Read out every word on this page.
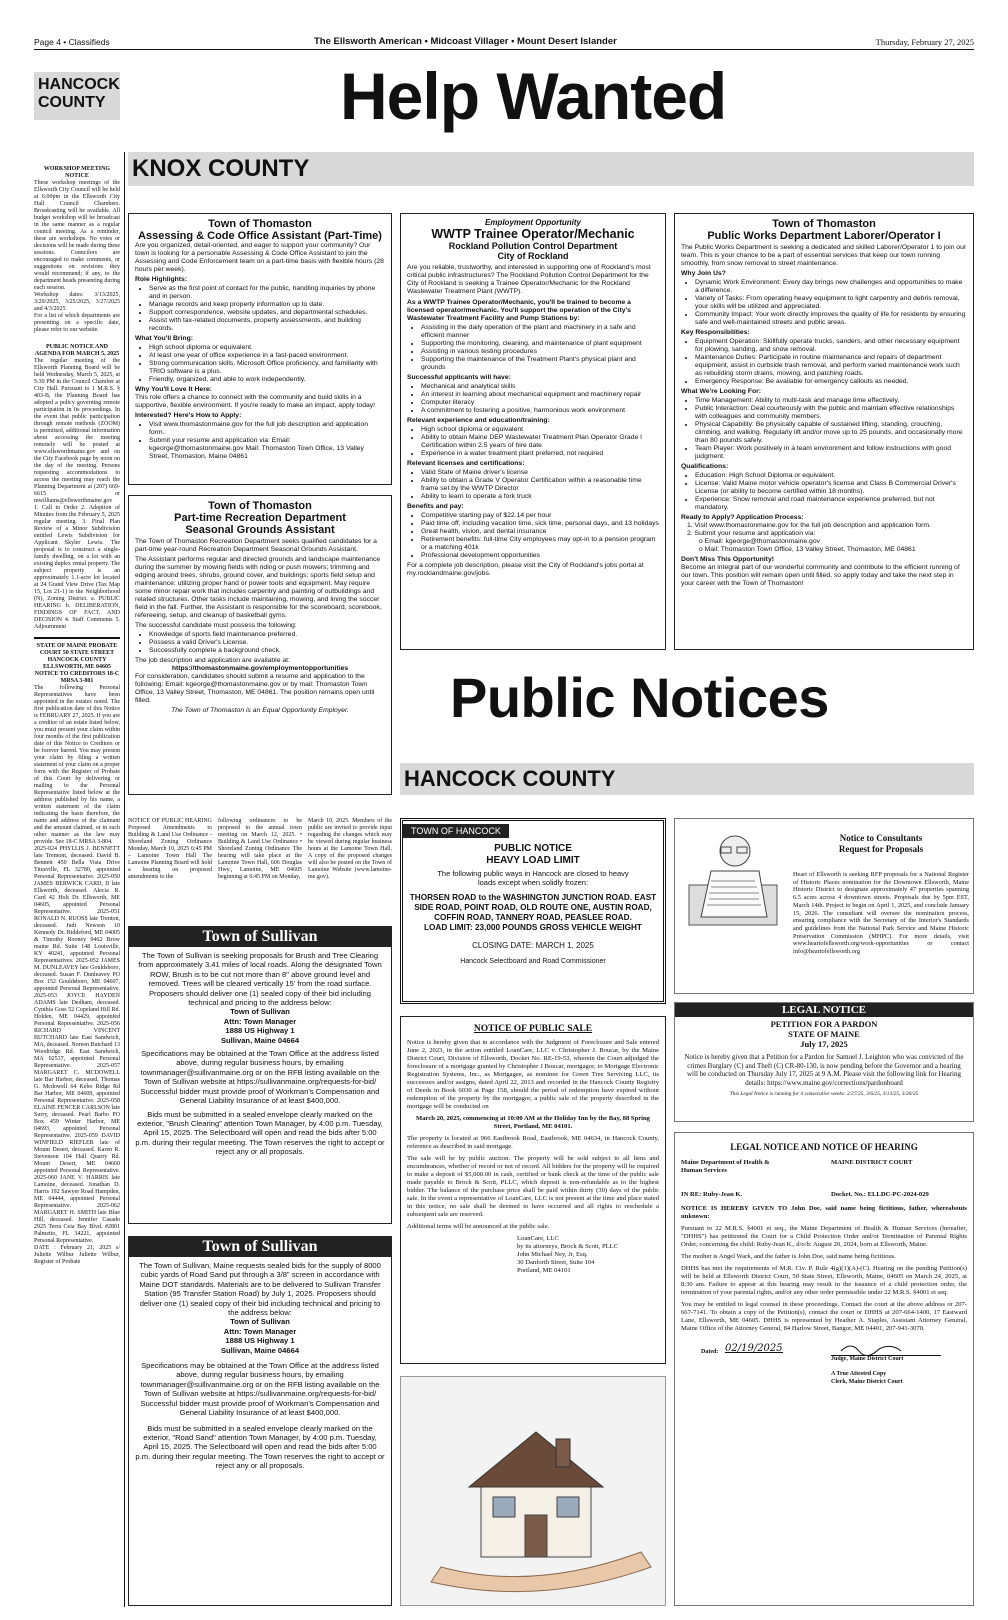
Page 4 • Classifieds	The Ellsworth American • Midcoast Villager • Mount Desert Islander	Thursday, February 27, 2025
HANCOCK COUNTY	Help Wanted
KNOX COUNTY

WORKSHOP MEETING NOTICE

These workshop meetings of the Ellsworth City Council will be held at 6:00pm in the Ellsworth City Hall Council Chambers. Broadcasting will be available. All budget workshop will be broadcast in the same manner as a regular council meeting. As a reminder, these are workshops. No votes or decisions will be made during these sessions. Councilors are encouraged to make comments, or suggestions on revisions they would recommend; if any, to the department heads presenting during each session.

Workshop dates: 3/13/2025, 3/20/2025, 3/25/2025, 3/27/2025 and 4/3/2025

For a list of which departments are presenting on a specific date, please refer to our website.

PUBLIC NOTICE AND AGENDA FOR MARCH 5, 2025

The regular meeting of the Ellsworth Planning Board will be held Wednesday, March 5, 2025, at 5:30 PM in the Council Chamber at City Hall. Pursuant to 1 M.R.S. § 403-B, the Planning Board has adopted a policy governing remote participation in its proceedings. In the event that public participation through remote methods (ZOOM) is permitted, additional information about accessing the meeting remotely will be posted at www.ellsworthmaine.gov and on the City Facebook page by noon on the day of the meeting. Persons requesting accommodations to access the meeting may reach the Planning Department at (207) 669-6615 or mwilliams@ellsworthmaine.gov

1. Call to Order 2. Adoption of Minutes from the February 5, 2025 regular meeting. 3. Final Plan Review of a Minor Subdivision entitled Lewis Subdivision for Applicant Skyler Lewis. The proposal is to construct a single-family dwelling, on a lot with an existing duplex rental property. The subject property is an approximately 1.1-acre lot located at 24 Grand View Drive (Tax Map 15, Lot 21-1) in the Neighborhood (N), Zoning District. a. PUBLIC HEARING b. DELIBERATION, FINDINGS OF FACT, AND DECISION 4. Staff Comments 5. Adjournment

STATE OF MAINE PROBATE COURT 50 STATE STREET HANCOCK COUNTY ELLSWORTH, ME 04605

NOTICE TO CREDITORS 18-C MRSA 3-801

The following Personal Representatives have been appointed in the estates noted. The first publication date of this Notice is FEBRUARY 27, 2025. If you are a creditor of an estate listed below, you must present your claim within four months of the first publication date of this Notice to Creditors or be forever barred. You may present your claim by filing a written statement of your claim on a proper form with the Register of Probate of this Court by delivering or mailing to the Personal Representative listed below at the address published by his name, a written statement of the claim indicating the basis therefore, the name and address of the claimant and the amount claimed, or in such other manner as the law may provide. See 18-C MRSA 3-804.

2025-024 PHYLLIS J. BENNETT late Tremont, deceased. David B. Bennett 450 Bella Vista Drive Titusville, FL 32780, appointed Personal Representative. 2025-050 JAMES BERWICK CARD, II late Ellsworth, deceased. Alecia R. Card 42 Holt Dr. Ellsworth, ME 04605, appointed Personal Representative. 2025-051 RONALD N. RUOSS late Trenton, deceased. Judi Newson 10 Kennedy Dr. Biddeford, ME 04005 & Timothy Rooney 9462 Brow maine Rd. Suite 148 Louisville, KY 40241, appointed Personal Representatives. 2025-052 JAMES M. DUNLEAVEY late Gouldsboro, deceased. Susan F. Dunleavey PO Box 152 Gouldsboro, ME 04607, appointed Personal Representative. 2025-053 JOYCE HAYDEN ADAMS late Dedham, deceased. Cynthia Goss 52 Copeland Hill Rd. Holden, ME 04429, appointed Personal Representative. 2025-056 RICHARD VINCENT BUTCHARD late East Sandwich, MA, deceased. Noreen Butchard 13 Woodridge Rd. East Sandwich, MA 02537, appointed Personal Representative. 2025-057 MARGARET C. MCDOWELL late Bar Harbor, deceased. Thomas G. Mcdowell 64 Kebo Ridge Rd Bar Harbor, ME 04609, appointed Personal Representative. 2025-058 ELAINE FENCER CARLSON late Surry, deceased. Pearl Barbo PO Box 459 Winter Harbor, ME 04693, appointed Personal Representative. 2025-059 DAVID WINFIELD RIEFLER late of Mount Desert, deceased. Karen R. Stevenson 104 Hall Quarry Rd. Mount Desert, ME 04660 appointed Personal Representative. 2025-060 JANE V. HARRIS late Lamoine, deceased. Jonathan D. Harris 192 Sawyer Road Hampden, ME 04444, appointed Personal Representative. 2025-062 MARGARET H. SMITH late Blue Hill, deceased. Jennifer Casado 2925 Terra Ceia Bay Blvd. #2801 Palmetto, FL 34221, appointed Personal Representative.

DATE : February 21, 2025 s/ Juliette Wilbur Juliette Wilbur, Register of Probate

Town of Thomaston
Assessing & Code Office Assistant (Part-Time)

Are you organized, detail-oriented, and eager to support your community? Our town is looking for a personable Assessing & Code Office Assistant to join the Assessing and Code Enforcement team on a part-time basis with flexible hours (28 hours per week).

Role Highlights:
• Serve as the first point of contact for the public, handling inquiries by phone and in person.
• Manage records and keep property information up to date.
• Support correspondence, website updates, and departmental schedules.
• Assist with tax-related documents, property assessments, and building records.
What You'll Bring:
• High school diploma or equivalent.
• At least one year of office experience in a fast-paced environment.
• Strong communication skills, Microsoft Office proficiency, and familiarity with TRIO software is a plus.
• Friendly, organized, and able to work independently.
Why You'll Love It Here:

This role offers a chance to connect with the community and build skills in a supportive, flexible environment. If you're ready to make an impact, apply today!

Interested? Here's How to Apply:
• Visit www.thomastonmaine.gov for the full job description and application form.
• Submit your resume and application via: Email: kgeorge@thomastonmaine.gov Mail: Thomaston Town Office, 13 Valley Street, Thomaston, Maine 04861
Town of Thomaston
Part-time Recreation Department
Seasonal Grounds Assistant

The Town of Thomaston Recreation Department seeks qualified candidates for a part-time year-round Recreation Department Seasonal Grounds Assistant.

The Assistant performs regular and directed grounds and landscape maintenance during the summer by mowing fields with riding or push mowers; trimming and edging around trees, shrubs, ground cover, and buildings; sports field setup and maintenance; utilizing proper hand or power tools and equipment. May require some minor repair work that includes carpentry and painting of outbuildings and related structures. Other tasks include maintaining, mowing, and lining the soccer field in the fall. Further, the Assistant is responsible for the scoreboard, scorebook, refereeing, setup, and cleanup of basketball gyms.

The successful candidate must possess the following:

• Knowledge of sports field maintenance preferred.
• Possess a valid Driver's License.
• Successfully complete a background check.

The job description and application are available at:

https://thomastonmaine.gov/employmentopportunities

For consideration, candidates should submit a resume and application to the following: Email: kgeorge@thomastonmaine.gov or by mail: Thomaston Town Office, 13 Valley Street, Thomaston, ME 04861. The position remains open until filled.

The Town of Thomaston is an Equal Opportunity Employer.

Employment Opportunity

WWTP Trainee Operator/Mechanic
Rockland Pollution Control Department
City of Rockland

Are you reliable, trustworthy, and interested in supporting one of Rockland's most critical public infrastructures? The Rockland Pollution Control Department for the City of Rockland is seeking a Trainee Operator/Mechanic for the Rockland Wastewater Treatment Plant (WWTP).

As a WWTP Trainee Operator/Mechanic, you'll be trained to become a licensed operator/mechanic. You'll support the operation of the City's Wastewater Treatment Facility and Pump Stations by:

• Assisting in the daily operation of the plant and machinery in a safe and efficient manner
• Supporting the monitoring, cleaning, and maintenance of plant equipment
• Assisting in various testing procedures
• Supporting the maintenance of the Treatment Plant's physical plant and grounds
Successful applicants will have:
• Mechanical and analytical skills
• An interest in learning about mechanical equipment and machinery repair
• Computer literacy
• A commitment to fostering a positive, harmonious work environment
Relevant experience and education/training:
• High school diploma or equivalent
• Ability to obtain Maine DEP Wastewater Treatment Plan Operator Grade I Certification within 2.5 years of hire date
• Experience in a water treatment plant preferred, not required
Relevant licenses and certifications:
• Valid State of Maine driver's license
• Ability to obtain a Grade V Operator Certification within a reasonable time frame set by the WWTP Director
• Ability to learn to operate a fork truck
Benefits and pay:
• Competitive starting pay of $22.14 per hour
• Paid time off, including vacation time, sick time, personal days, and 13 holidays
• Great health, vision, and dental insurance
• Retirement benefits: full-time City employees may opt-in to a pension program or a matching 401k
• Professional development opportunities

For a complete job description, please visit the City of Rockland's jobs portal at my.rocklandmaine.gov/jobs.

Town of Thomaston
Public Works Department Laborer/Operator I

The Public Works Department is seeking a dedicated and skilled Laborer/Operator 1 to join our team. This is your chance to be a part of essential services that keep our town running smoothly, from snow removal to street maintenance.

Why Join Us?
• Dynamic Work Environment: Every day brings new challenges and opportunities to make a difference.
• Variety of Tasks: From operating heavy equipment to light carpentry and debris removal, your skills will be utilized and appreciated.
• Community Impact: Your work directly improves the quality of life for residents by ensuring safe and well-maintained streets and public areas.
Key Responsibilities:
• Equipment Operation: Skillfully operate trucks, sanders, and other necessary equipment for plowing, sanding, and snow removal.
• Maintenance Duties: Participate in routine maintenance and repairs of department equipment, assist in curbside trash removal, and perform varied maintenance work such as rebuilding storm drains, mowing, and patching roads.
• Emergency Response: Be available for emergency callouts as needed.
What We're Looking For:
• Time Management: Ability to multi-task and manage time effectively.
• Public Interaction: Deal courteously with the public and maintain effective relationships with colleagues and community members.
• Physical Capability: Be physically capable of sustained lifting, standing, crouching, climbing, and walking. Regularly lift and/or move up to 25 pounds, and occasionally more than 80 pounds safely.
• Team Player: Work positively in a team environment and follow instructions with good judgment.
Qualifications:
• Education: High School Diploma or equivalent.
• License: Valid Maine motor vehicle operator's license and Class B Commercial Driver's License (or ability to become certified within 18 months).
• Experience: Snow removal and road maintenance experience preferred, but not mandatory.
Ready to Apply? Application Process:

1. Visit www.thomastonmaine.gov for the full job description and application form.

2. Submit your resume and application via:

o Email: kgeorge@thomastonmaine.gov

o Mail: Thomaston Town Office, 13 Valley Street, Thomaston, ME 04861

Don't Miss This Opportunity!

Become an integral part of our wonderful community and contribute to the efficient running of our town. This position will remain open until filled, so apply today and take the next step in your career with the Town of Thomaston!

Public Notices
HANCOCK COUNTY

NOTICE OF PUBLIC HEARING Proposed Amendments to Building & Land Use Ordinance -Shoreland Zoning Ordinance Monday, March 10, 2025 6:45 PM – Lamoine Town Hall The Lamoine Planning Board will hold a hearing on proposed amendments to the

following ordinances to be proposed to the annual town meeting on March 12, 2025. • Building & Land Use Ordinance • Shoreland Zoning Ordinance The hearing will take place at the Lamoine Town Hall, 606 Douglas Hwy., Lamoine, ME 04605 beginning at 6:45 PM on Monday,

March 10, 2025. Members of the public are invited to provide input regarding the changes which may be viewed during regular business hours at the Lamoine Town Hall. A copy of the proposed changes will also be posted on the Town of Lamoine Website (www.lamoine-me.gov).

Town of Sullivan

The Town of Sullivan is seeking proposals for Brush and Tree Clearing from approximately 3.41 miles of local roads. Along the designated Town ROW, Brush is to be cut not more than 8" above ground level and removed. Trees will be cleared vertically 15' from the road surface.

Proposers should deliver one (1) sealed copy of their bid including technical and pricing to the address below:

Town of Sullivan

Attn: Town Manager

1888 US Highway 1

Sullivan, Maine 04664

Specifications may be obtained at the Town Office at the address listed above, during regular business hours, by emailing townmanager@sullivanmaine.org or on the RFB listing available on the Town of Sullivan website at https://sullivanmaine.org/requests-for-bid/

Successful bidder must provide proof of Workman's Compensation and General Liability Insurance of at least $400,000.

Bids must be submitted in a sealed envelope clearly marked on the exterior, "Brush Clearing" attention Town Manager, by 4:00 p.m. Tuesday, April 15, 2025. The Selectboard will open and read the bids after 5:00 p.m. during their regular meeting. The Town reserves the right to accept or reject any or all proposals.

Town of Sullivan

The Town of Sullivan, Maine requests sealed bids for the supply of 8000 cubic yards of Road Sand put through a 3/8" screen in accordance with Maine DOT standards. Materials are to be delivered to Sullivan Transfer Station (95 Transfer Station Road) by July 1, 2025. Proposers should deliver one (1) sealed copy of their bid including technical and pricing to the address below:

Town of Sullivan

Attn: Town Manager

1888 US Highway 1

Sullivan, Maine 04664

Specifications may be obtained at the Town Office at the address listed above, during regular business hours, by emailing townmanager@sullivanmaine.org or on the RFB listing available on the Town of Sullivan website at https://sullivanmaine.org/requests-for-bid/

Successful bidder must provide proof of Workman's Compensation and General Liability Insurance of at least $400,000.

Bids must be submitted in a sealed envelope clearly marked on the exterior, "Road Sand" attention Town Manager, by 4:00 p.m. Tuesday, April 15, 2025. The Selectboard will open and read the bids after 5:00 p.m. during their regular meeting. The Town reserves the right to accept or reject any or all proposals.

TOWN OF HANCOCK
PUBLIC NOTICE
HEAVY LOAD LIMIT
The following public ways in Hancock are closed to heavy loads except when solidly frozen:
THORSEN ROAD to the WASHINGTON JUNCTION ROAD. EAST SIDE ROAD, POINT ROAD, OLD ROUTE ONE, AUSTIN ROAD, COFFIN ROAD, TANNERY ROAD, PEASLEE ROAD.
LOAD LIMIT: 23,000 POUNDS GROSS VEHICLE WEIGHT
CLOSING DATE: MARCH 1, 2025
Hancock Selectboard and Road Commissioner
Notice to Consultants
Request for Proposals

Heart of Ellsworth is seeking RFP proposals for a National Register of Historic Places nomination for the Downtown Ellsworth, Maine Historic District to designate approximately 47 properties spanning 6.5 acres across 4 downtown streets. Proposals due by 5pm EST, March 14th. Project to begin on April 1, 2025, and conclude January 15, 2026. The consultant will oversee the nomination process, ensuring compliance with the Secretary of the Interior's Standards and guidelines from the National Park Service and Maine Historic Preservation Commission (MHPC). For more details, visit www.heartofellsworth.org/work-opportunities or contact info@heartofellsworth.org

NOTICE OF PUBLIC SALE

Notice is hereby given that in accordance with the Judgment of Foreclosure and Sale entered June 2, 2023, in the action entitled LoanCare, LLC v. Christopher J. Boucar, by the Maine District Court, Division of Ellsworth, Docket No. RE-19-53, wherein the Court adjudged the foreclosure of a mortgage granted by Christopher J Boucar, mortgagor, to Mortgage Electronic Registration Systems, Inc., as Mortgagee, as nominee for Green Tree Servicing LLC, its successors and/or assigns, dated April 22, 2013 and recorded in the Hancock County Registry of Deeds in Book 6030 at Page 158, should the period of redemption have expired without redemption of the property by the mortgagor, a public sale of the property described in the mortgage will be conducted on

March 20, 2025, commencing at 10:00 AM at the Holiday Inn by the Bay, 88 Spring Street, Portland, ME 04101.

The property is located at 966 Eastbrook Road, Eastbrook, ME 04634, in Hancock County, reference as described in said mortgage.

The sale will be by public auction. The property will be sold subject to all liens and encumbrances, whether of record or not of record. All bidders for the property will be required to make a deposit of $5,000.00 in cash, certified or bank check at the time of the public sale made payable to Brock & Scott, PLLC, which deposit is non-refundable as to the highest bidder. The balance of the purchase price shall be paid within thirty (30) days of the public sale. In the event a representative of LoanCare, LLC is not present at the time and place stated in this notice, no sale shall be deemed to have occurred and all rights to reschedule a subsequent sale are reserved.

Additional terms will be announced at the public sale.

LoanCare, LLC
by its attorneys, Brock & Scott, PLLC
John Michael Ney, Jr, Esq.
30 Danforth Street, Suite 104
Portland, ME 04101
LEGAL NOTICE
PETITION FOR A PARDON
STATE OF MAINE
July 17, 2025
Notice is hereby given that a Petition for a Pardon for Samuel J. Leighton who was convicted of the crimes Burglary (C) and Theft (C) CR-80-130, is now pending before the Governor and a hearing will be conducted on Thursday July 17, 2025 at 9 A.M. Please visit the following link for Hearing details: https://www.maine.gov/corrections/pardonboard
This Legal Notice is running for 4 consecutive weeks: 2/27/25, 3/6/25, 3/13/25, 3/20/25
LEGAL NOTICE AND NOTICE OF HEARING
Maine Department of Health & Human Services
MAINE DISTRICT COURT
IN RE: Ruby-Jean K.	Docket. No.: ELLDC-PC-2024-029

NOTICE IS HEREBY GIVEN TO John Doe, said name being fictitious, father, whereabouts unknown:

Pursuant to 22 M.R.S. §4001 et seq., the Maine Department of Health & Human Services (hereafter, "DHHS") has petitioned the Court for a Child Protection Order and/or Termination of Parental Rights Order, concerning the child: Ruby-Jean K., d/o/b: August 20, 2024, born at Ellsworth, Maine.

The mother is Angel Wark, and the father is John Doe, said name being fictitious.

DHHS has met the requirements of M.R. Civ. P. Rule 4(g)(1)(A)-(C). Hearing on the pending Petition(s) will be held at Ellsworth District Court, 50 State Street, Ellsworth, Maine, 04605 on March 24, 2025, at 8:30 am. Failure to appear at this hearing may result in the issuance of a child protection order, the termination of your parental rights, and/or any other order permissible under 22 M.R.S. §4001 et seq.

You may be entitled to legal counsel in these proceedings. Contact the court at the above address or 207-667-7141. To obtain a copy of the Petition(s), contact the court or DHHS at 207-664-1400, 17 Eastward Lane, Ellsworth, ME 04605. DHHS is represented by Heather A. Staples, Assistant Attorney General, Maine Office of the Attorney General, 84 Harlow Street, Bangor, ME 04401, 207-941-3070.

Dated: 02/19/2025
Judge, Maine District Court
A True Attested Copy
Clerk, Maine District Court
